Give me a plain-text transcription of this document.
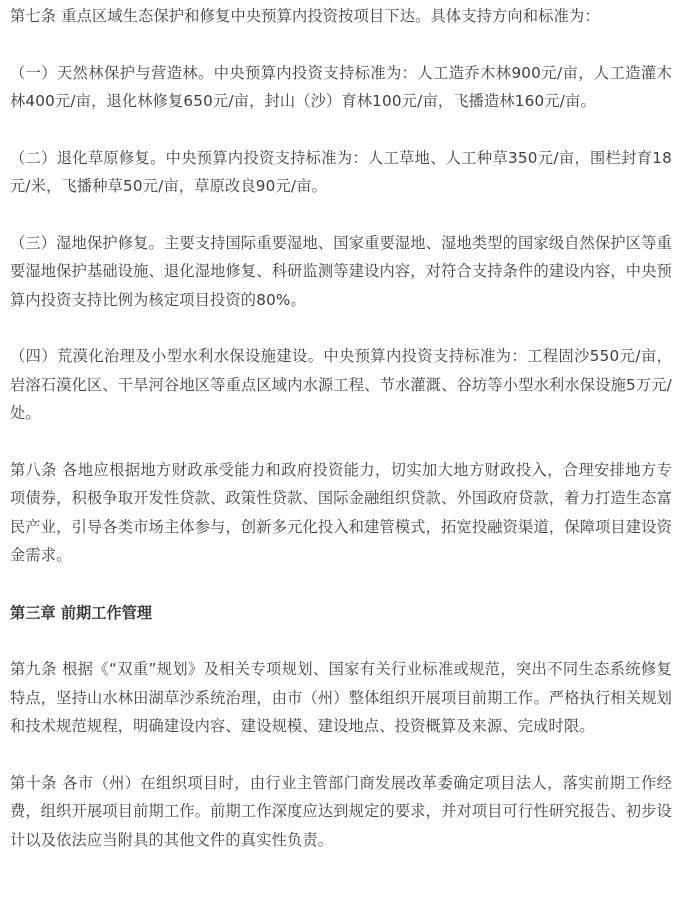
第七条 重点区域生态保护和修复中央预算内投资按项目下达。具体支持方向和标准为：

（一）天然林保护与营造林。中央预算内投资支持标准为：人工造乔木林900元/亩，人工造灌木林400元/亩，退化林修复650元/亩，封山（沙）育林100元/亩，飞播造林160元/亩。

（二）退化草原修复。中央预算内投资支持标准为：人工草地、人工种草350元/亩，围栏封育18元/米，飞播种草50元/亩，草原改良90元/亩。

（三）湿地保护修复。主要支持国际重要湿地、国家重要湿地、湿地类型的国家级自然保护区等重要湿地保护基础设施、退化湿地修复、科研监测等建设内容，对符合支持条件的建设内容，中央预算内投资支持比例为核定项目投资的80%。

（四）荒漠化治理及小型水利水保设施建设。中央预算内投资支持标准为：工程固沙550元/亩，岩溶石漠化区、干旱河谷地区等重点区域内水源工程、节水灌溉、谷坊等小型水利水保设施5万元/处。

第八条 各地应根据地方财政承受能力和政府投资能力，切实加大地方财政投入，合理安排地方专项债券，积极争取开发性贷款、政策性贷款、国际金融组织贷款、外国政府贷款，着力打造生态富民产业，引导各类市场主体参与，创新多元化投入和建管模式，拓宽投融资渠道，保障项目建设资金需求。

第三章 前期工作管理

第九条 根据《“双重”规划》及相关专项规划、国家有关行业标准或规范，突出不同生态系统修复特点，坚持山水林田湖草沙系统治理，由市（州）整体组织开展项目前期工作。严格执行相关规划和技术规范规程，明确建设内容、建设规模、建设地点、投资概算及来源、完成时限。

第十条 各市（州）在组织项目时，由行业主管部门商发展改革委确定项目法人，落实前期工作经费，组织开展项目前期工作。前期工作深度应达到规定的要求，并对项目可行性研究报告、初步设计以及依法应当附具的其他文件的真实性负责。
